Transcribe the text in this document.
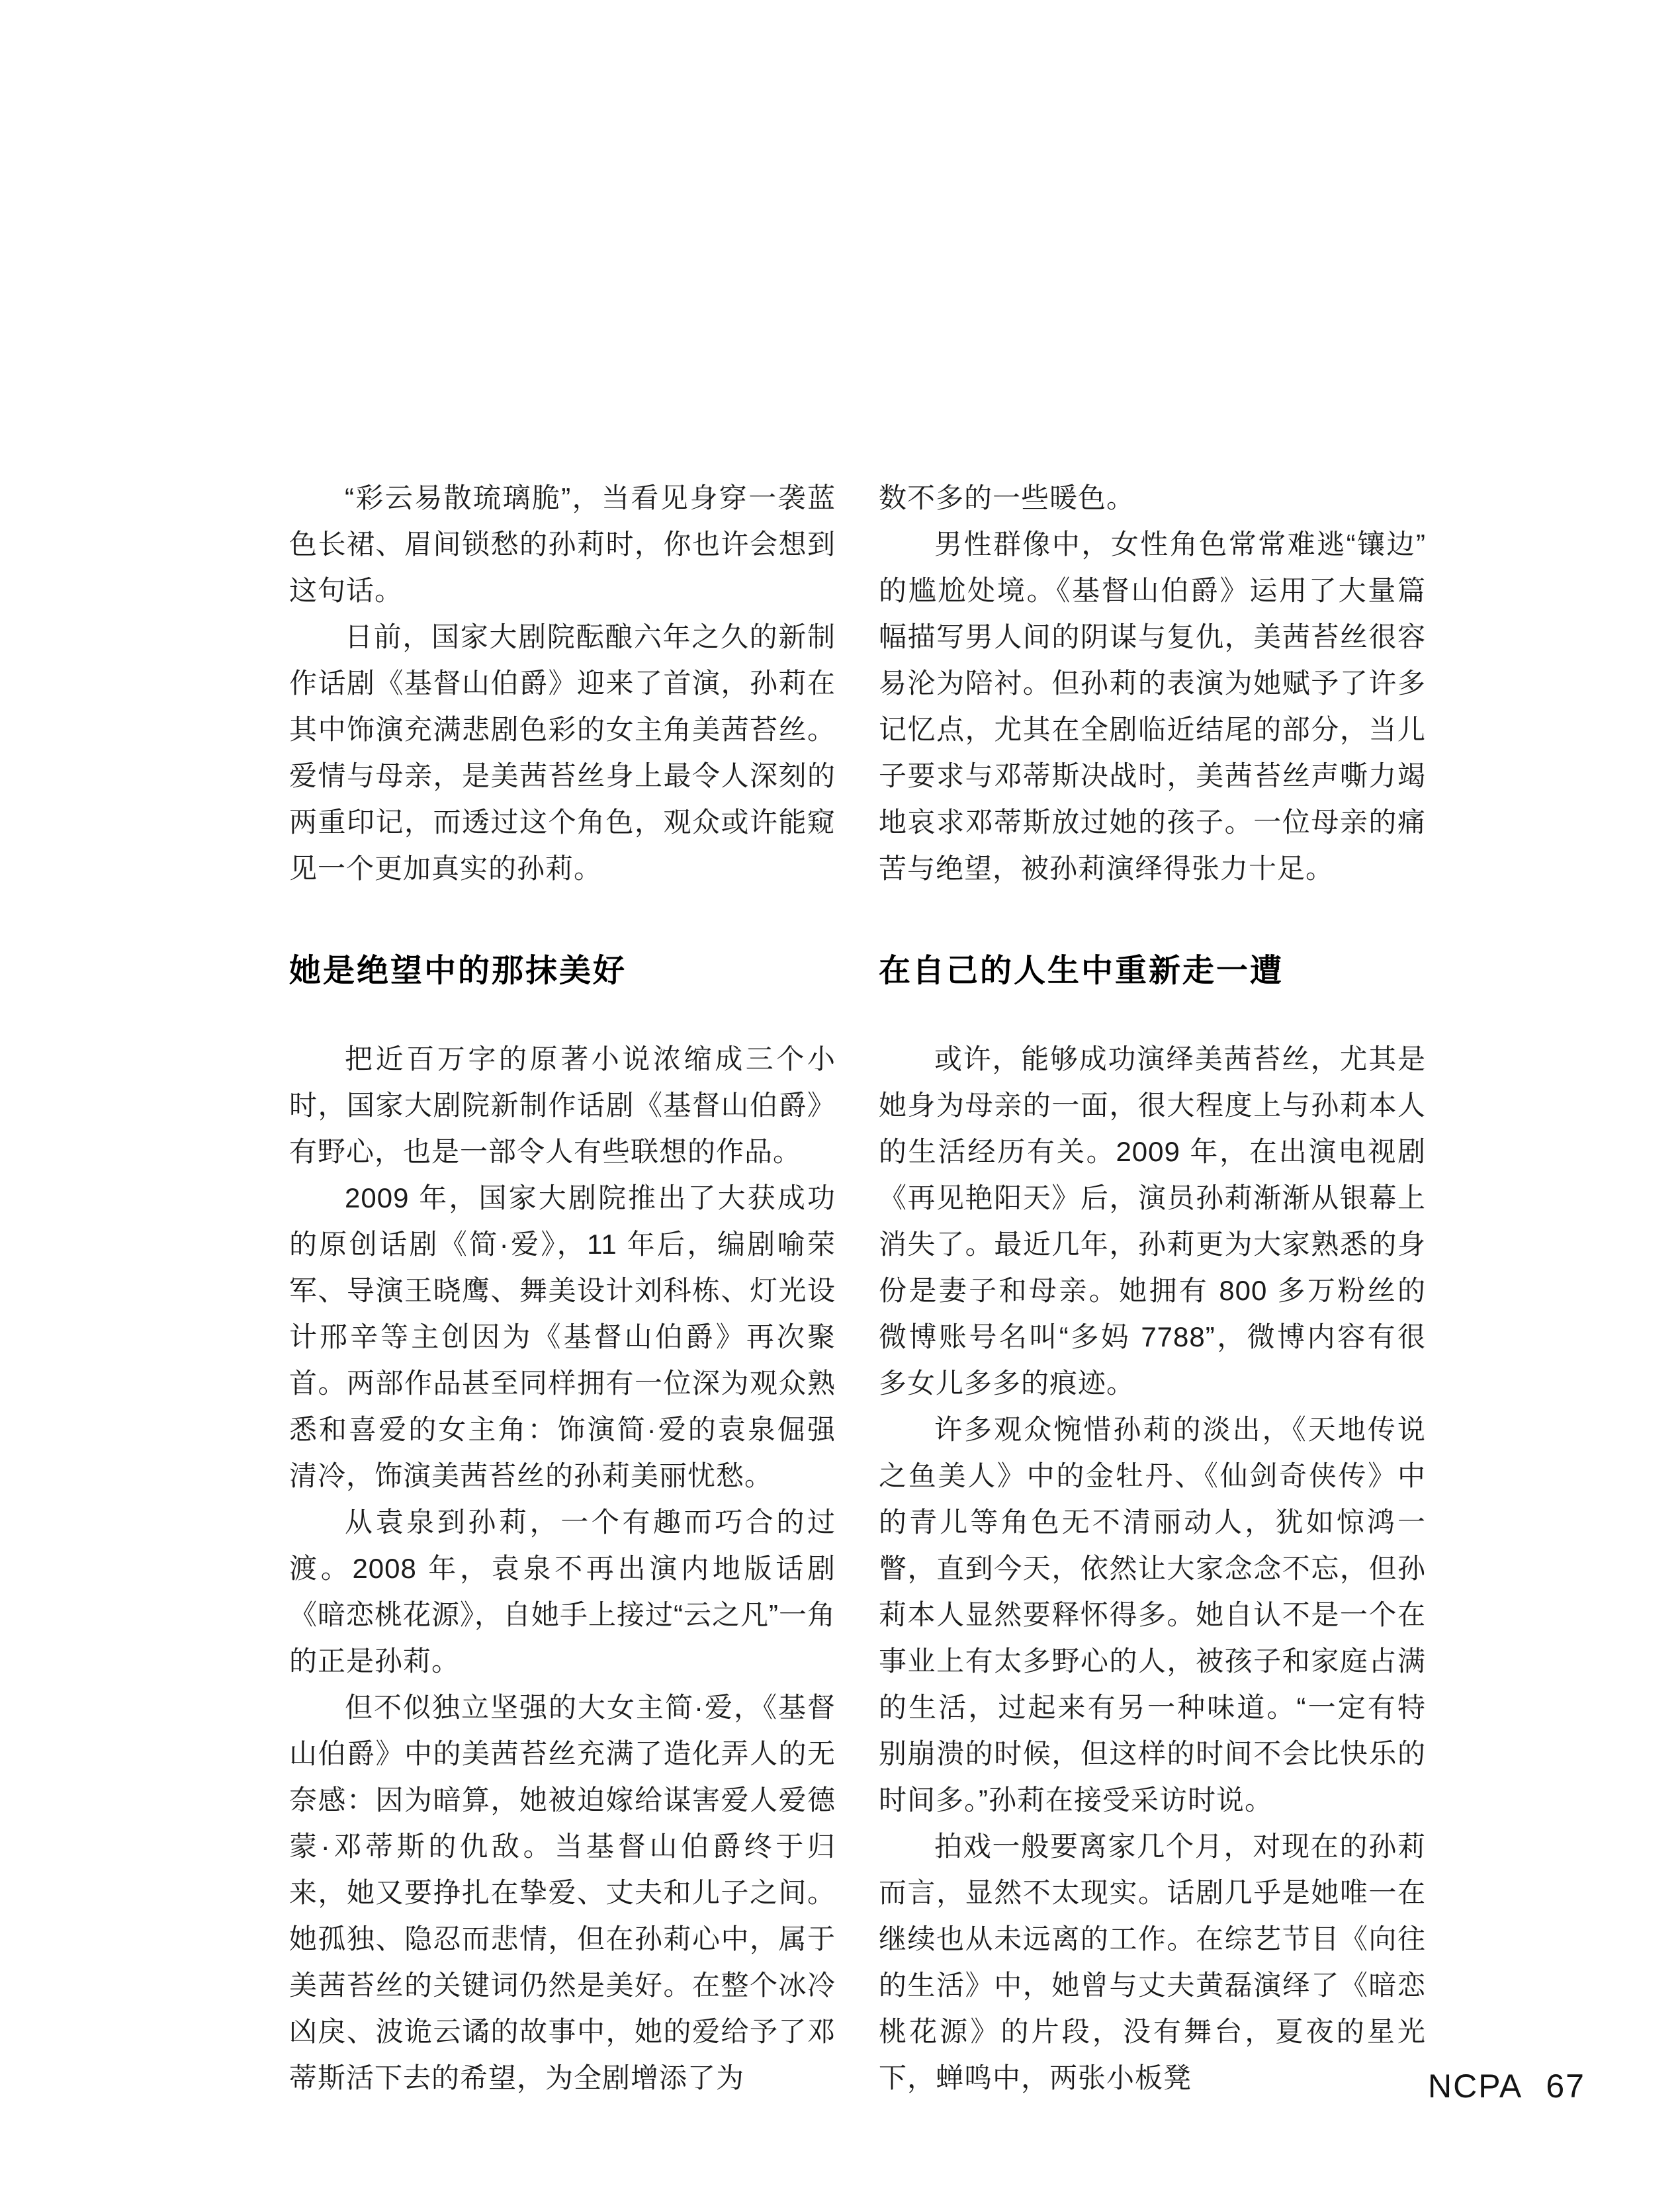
“彩云易散琉璃脆”，当看见身穿一袭蓝色长裙、眉间锁愁的孙莉时，你也许会想到这句话。

日前，国家大剧院酝酿六年之久的新制作话剧《基督山伯爵》迎来了首演，孙莉在其中饰演充满悲剧色彩的女主角美茜苔丝。爱情与母亲，是美茜苔丝身上最令人深刻的两重印记，而透过这个角色，观众或许能窥见一个更加真实的孙莉。

她是绝望中的那抹美好

把近百万字的原著小说浓缩成三个小时，国家大剧院新制作话剧《基督山伯爵》有野心，也是一部令人有些联想的作品。

2009 年，国家大剧院推出了大获成功的原创话剧《简·爱》，11 年后，编剧喻荣军、导演王晓鹰、舞美设计刘科栋、灯光设计邢辛等主创因为《基督山伯爵》再次聚首。两部作品甚至同样拥有一位深为观众熟悉和喜爱的女主角：饰演简·爱的袁泉倔强清冷，饰演美茜苔丝的孙莉美丽忧愁。

从袁泉到孙莉，一个有趣而巧合的过渡。2008 年，袁泉不再出演内地版话剧《暗恋桃花源》，自她手上接过“云之凡”一角的正是孙莉。

但不似独立坚强的大女主简·爱，《基督山伯爵》中的美茜苔丝充满了造化弄人的无奈感：因为暗算，她被迫嫁给谋害爱人爱德蒙·邓蒂斯的仇敌。当基督山伯爵终于归来，她又要挣扎在挚爱、丈夫和儿子之间。她孤独、隐忍而悲情，但在孙莉心中，属于美茜苔丝的关键词仍然是美好。在整个冰冷凶戾、波诡云谲的故事中，她的爱给予了邓蒂斯活下去的希望，为全剧增添了为

数不多的一些暖色。

男性群像中，女性角色常常难逃“镶边”的尴尬处境。《基督山伯爵》运用了大量篇幅描写男人间的阴谋与复仇，美茜苔丝很容易沦为陪衬。但孙莉的表演为她赋予了许多记忆点，尤其在全剧临近结尾的部分，当儿子要求与邓蒂斯决战时，美茜苔丝声嘶力竭地哀求邓蒂斯放过她的孩子。一位母亲的痛苦与绝望，被孙莉演绎得张力十足。

在自己的人生中重新走一遭

或许，能够成功演绎美茜苔丝，尤其是她身为母亲的一面，很大程度上与孙莉本人的生活经历有关。2009 年，在出演电视剧《再见艳阳天》后，演员孙莉渐渐从银幕上消失了。最近几年，孙莉更为大家熟悉的身份是妻子和母亲。她拥有 800 多万粉丝的微博账号名叫“多妈 7788”，微博内容有很多女儿多多的痕迹。

许多观众惋惜孙莉的淡出，《天地传说之鱼美人》中的金牡丹、《仙剑奇侠传》中的青儿等角色无不清丽动人，犹如惊鸿一瞥，直到今天，依然让大家念念不忘，但孙莉本人显然要释怀得多。她自认不是一个在事业上有太多野心的人，被孩子和家庭占满的生活，过起来有另一种味道。“一定有特别崩溃的时候，但这样的时间不会比快乐的时间多。”孙莉在接受采访时说。

拍戏一般要离家几个月，对现在的孙莉而言，显然不太现实。话剧几乎是她唯一在继续也从未远离的工作。在综艺节目《向往的生活》中，她曾与丈夫黄磊演绎了《暗恋桃花源》的片段，没有舞台，夏夜的星光下，蝉鸣中，两张小板凳	NCPA 67
